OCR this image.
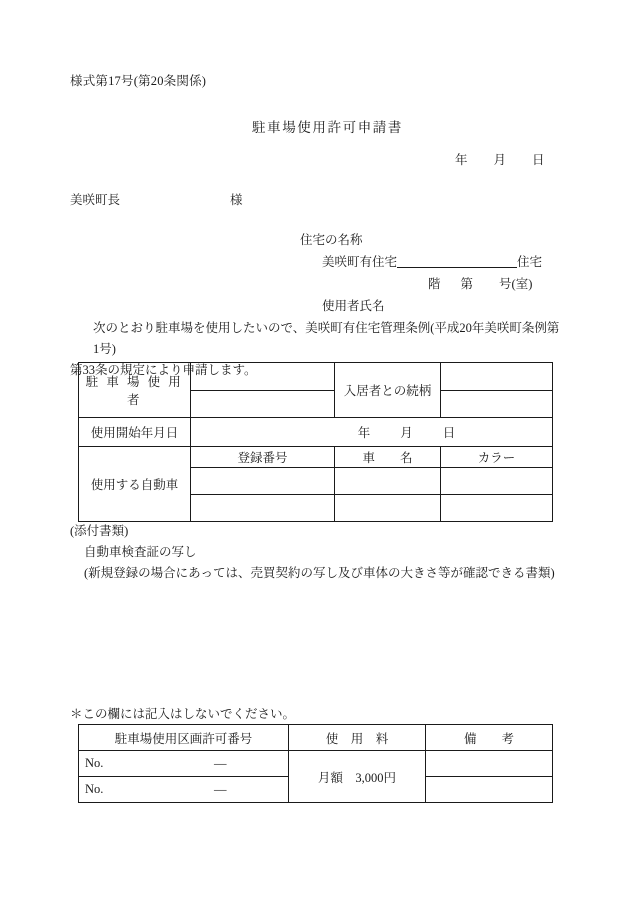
様式第17号(第20条関係)
駐車場使用許可申請書
年 月 日
美咲町長	様
住宅の名称
美咲町有住宅	住宅
階 第 号(室)
使用者氏名
次のとおり駐車場を使用したいので、美咲町有住宅管理条例(平成20年美咲町条例第1号)
第33条の規定により申請します。
駐 車 場 使 用 者		入居者との続柄	

使用開始年月日	年 月 日		
使用する自動車	登録番号	車　　名	カラー

(添付書類)
自動車検査証の写し
(新規登録の場合にあっては、売買契約の写し及び車体の大きさ等が確認できる書類)
＊この欄には記入はしないでください。
駐車場使用区画許可番号	使　用　料	備　　考
No. —	月額　3,000円	
No. —		
